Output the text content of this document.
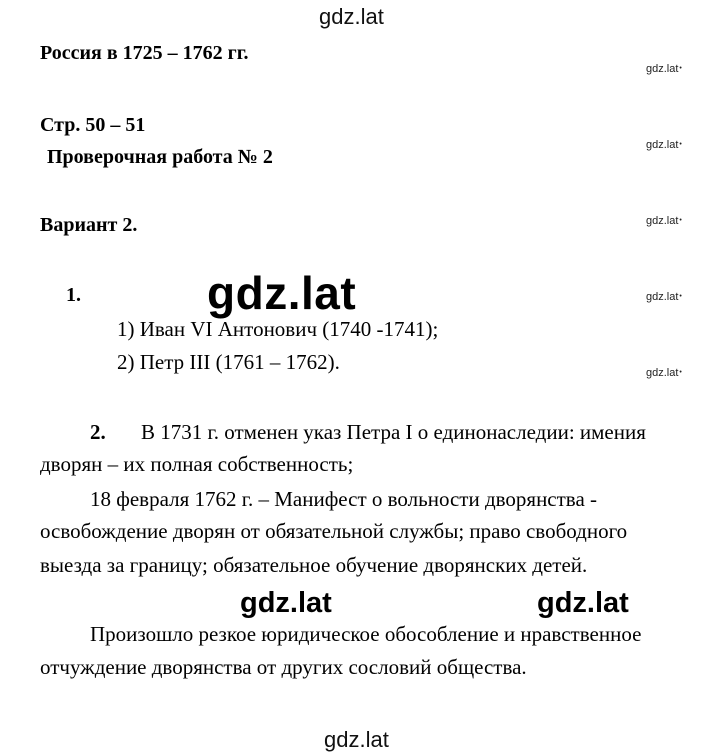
gdz.lat
Россия в 1725 – 1762 гг.
Стр. 50 – 51
Проверочная работа № 2
Вариант 2.
gdz.lat •
gdz.lat •
gdz.lat •
gdz.lat •
gdz.lat •
1.
1) Иван VI Антонович (1740 -1741);
2) Петр III (1761 – 1762).
gdz.lat
2. В 1731 г. отменен указ Петра I о единонаследии: имения
дворян – их полная собственность;
18 февраля 1762 г. – Манифест о вольности дворянства -
освобождение дворян от обязательной службы; право свободного
выезда за границу; обязательное обучение дворянских детей.
gdz.lat	gdz.lat
Произошло резкое юридическое обособление и нравственное
отчуждение дворянства от других сословий общества.
gdz.lat
